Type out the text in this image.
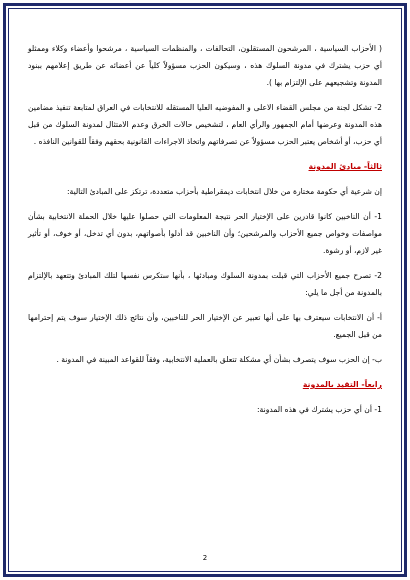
( الأحزاب السياسية ، المرشحون المستقلون، التحالفات ، والمنظمات السياسية ، مرشحوا وأعضاء وكلاء وممثلو أي حزب يشترك في مدونة السلوك هذه ، وسيكون الحزب مسؤولاً كلياً عن أعضائه عن طريق إعلامهم ببنود المدونة وتشجيعهم على الإلتزام بها ).

2- تشكل لجنة من مجلس القضاء الاعلى و المفوضيه العليا المستقله للانتخابات في العراق لمتابعة تنفيذ مضامين هذه المدونة وعرضها أمام الجمهور والرأي العام ، لتشخيص حالات الخرق وعدم الامتثال لمدونة السلوك من قبل أي حزب، أو أشخاص يعتبر الحزب مسؤولاً عن تصرفاتهم واتخاذ الاجراءات القانونية بحقهم وفقاً للقوانين النافذه .

ثالثاً- مبادئ المدونة

إن شرعية أي حكومة مختارة من خلال انتخابات ديمقراطية بأحزاب متعددة، ترتكز على المبادئ التالية:

1- أن الناخبين كانوا قادرين على الإختيار الحر نتيجة المعلومات التي حصلوا عليها خلال الحملة الانتخابية بشأن مواصفات وخواص جميع الأحزاب والمرشحين؛ وأن الناخبين قد أدلوا بأصواتهم، بدون أي تدخل، أو خوف، أو تأثير غير لازم، أو رشوة.

2- تصرح جميع الأحزاب التي قبلت بمدونة السلوك ومبادئها ، بأنها ستكرس نفسها لتلك المبادئ وتتعهد بالإلتزام بالمدونة من أجل ما يلي:

أ- أن الانتخابات سيعترف بها على أنها تعبير عن الإختيار الحر للناخبين، وأن نتائج ذلك الإختيار سوف يتم إحترامها من قبل الجميع.

ب- إن الحزب سوف يتصرف بشأن أي مشكلة تتعلق بالعملية الانتخابية، وفقاً للقواعد المبينة في المدونة .

رابعاً- التقيد بالمدونة

1- أن أي حزب يشترك في هذه المدونة:

2
